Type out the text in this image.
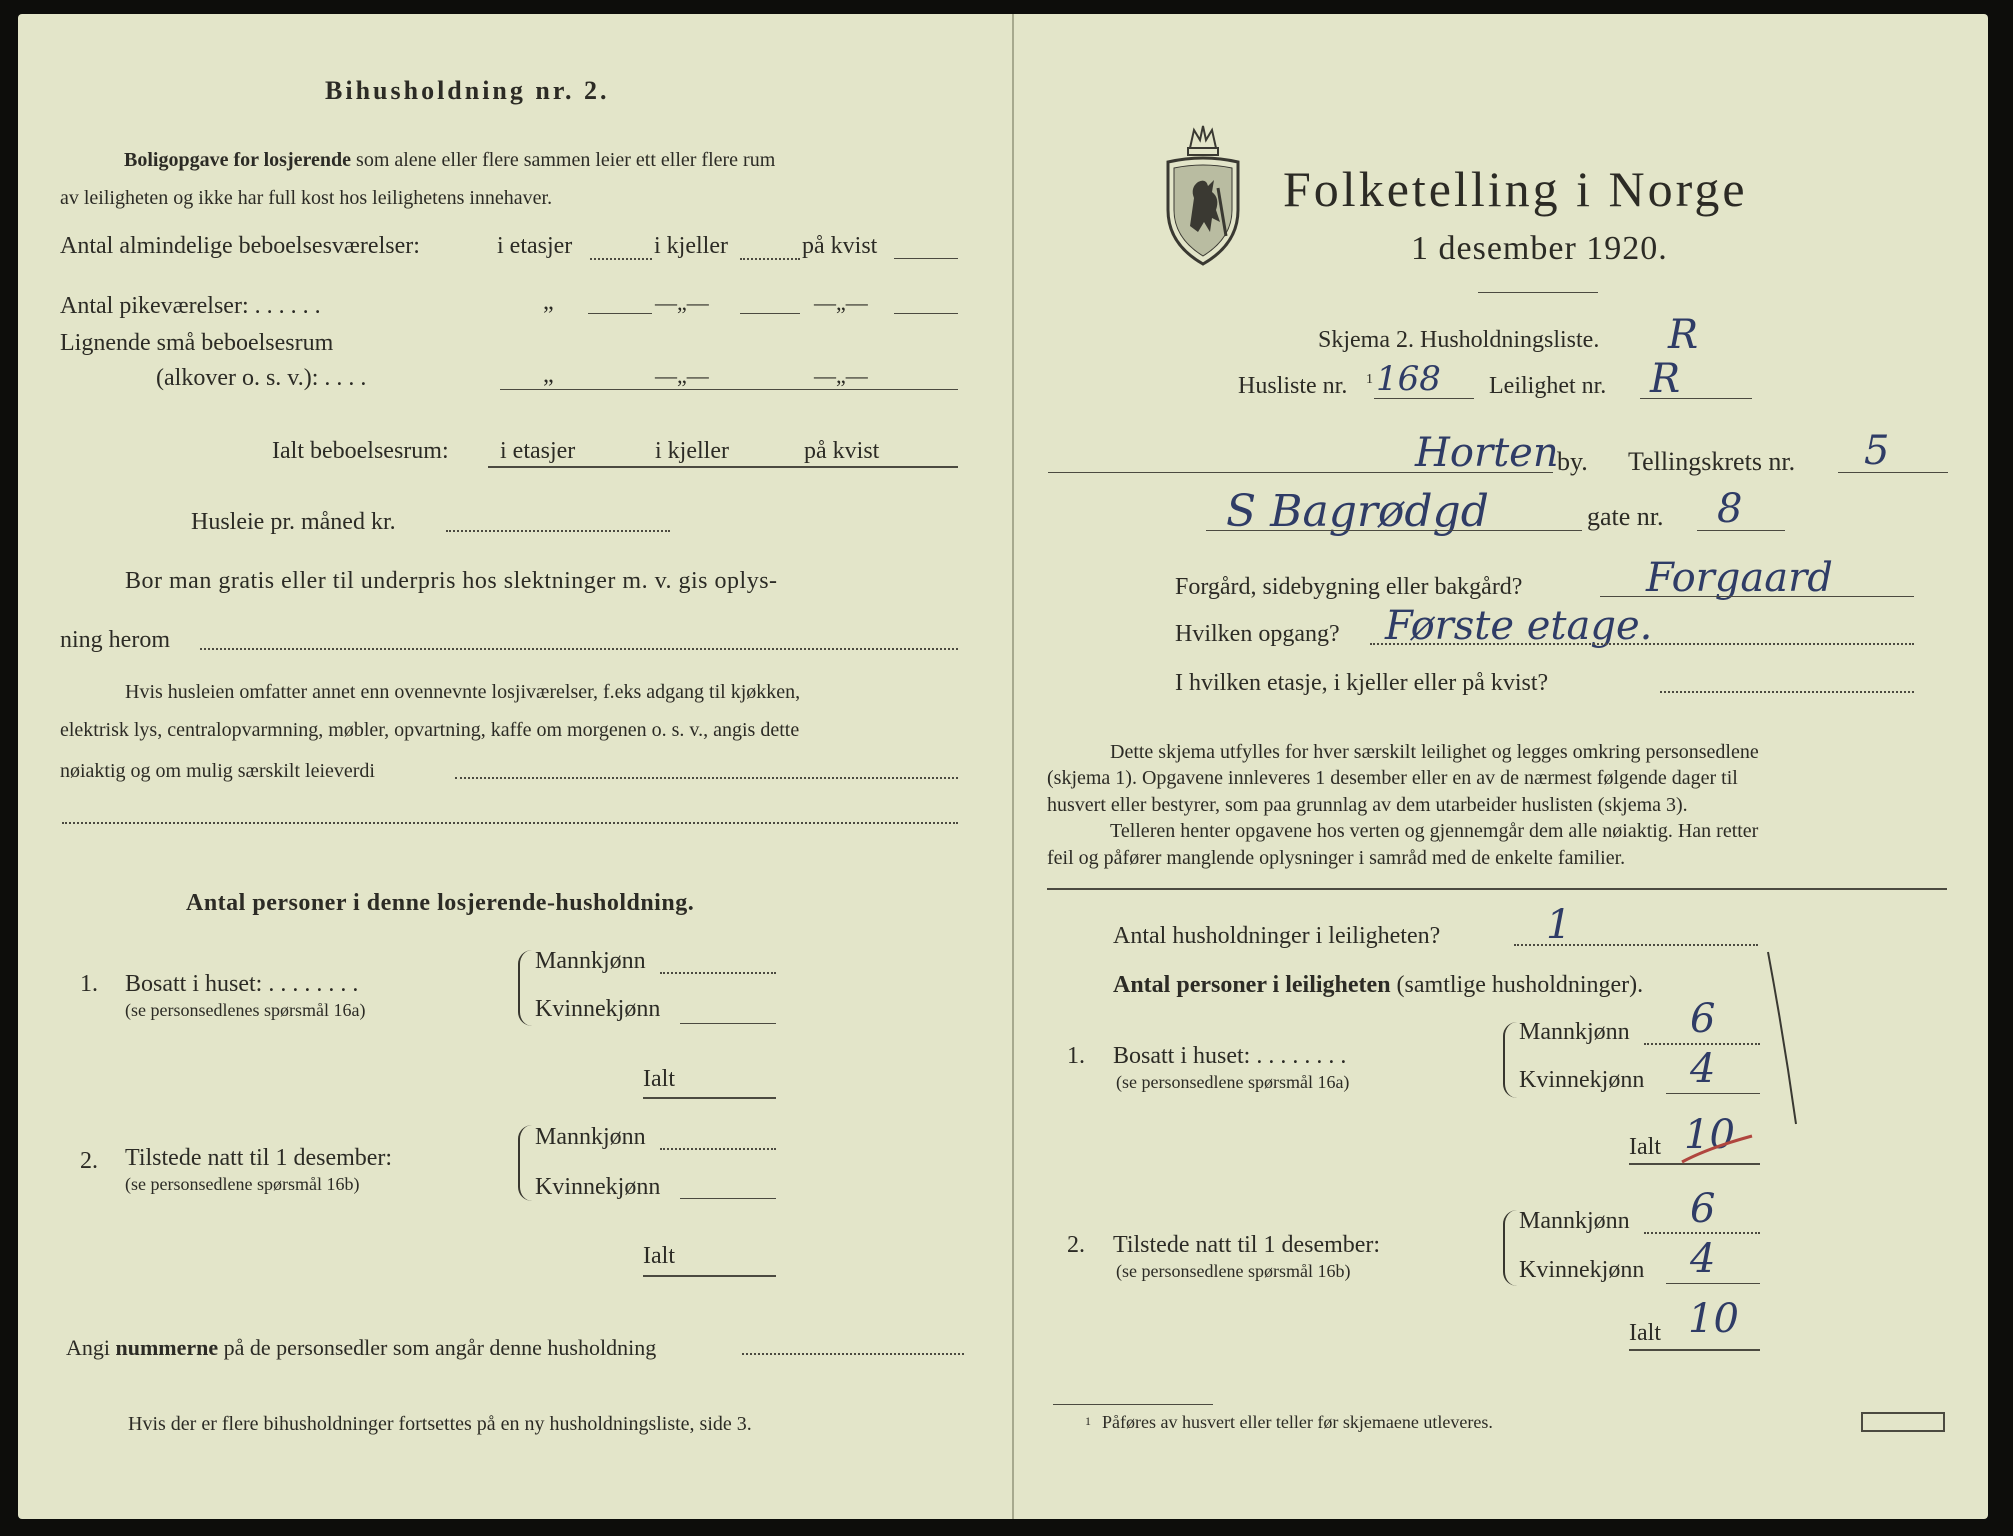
Bihusholdning nr. 2.
Boligopgave for losjerende som alene eller flere sammen leier ett eller flere rum
av leiligheten og ikke har full kost hos leilighetens innehaver.
Antal almindelige beboelsesværelser:	i etasjer	i kjeller	på kvist
Antal pikeværelser: . . . . . .	„	—„—	—„—
Lignende små beboelsesrum
(alkover o. s. v.): . . . .	„	—„—	—„—
Ialt beboelsesrum: i etasjer	i kjeller	på kvist
Husleie pr. måned kr.
Bor man gratis eller til underpris hos slektninger m. v. gis oplys-
ning herom
Hvis husleien omfatter annet enn ovennevnte losjiværelser, f.eks adgang til kjøkken,
elektrisk lys, centralopvarmning, møbler, opvartning, kaffe om morgenen o. s. v., angis dette
nøiaktig og om mulig særskilt leieverdi
Antal personer i denne losjerende-husholdning.
1. Bosatt i huset: . . . . . . . .
(se personsedlenes spørsmål 16a)
Mannkjønn
Kvinnekjønn
Ialt
2. Tilstede natt til 1 desember:
(se personsedlene spørsmål 16b)
Mannkjønn
Kvinnekjønn
Ialt
Angi nummerne på de personsedler som angår denne husholdning
Hvis der er flere bihusholdninger fortsettes på en ny husholdningsliste, side 3.
Folketelling i Norge
1 desember 1920.
Skjema 2. Husholdningsliste. R
Husliste nr. 1 168 Leilighet nr. R
Horten
by. Tellingskrets nr. 5
S Bagrødgd	gate nr. 8
Forgård, sidebygning eller bakgård?	Forgaard
Hvilken opgang? Første etage.
I hvilken etasje, i kjeller eller på kvist?
Dette skjema utfylles for hver særskilt leilighet og legges omkring personsedlene
(skjema 1). Opgavene innleveres 1 desember eller en av de nærmest følgende dager til
husvert eller bestyrer, som paa grunnlag av dem utarbeider huslisten (skjema 3).
Telleren henter opgavene hos verten og gjennemgår dem alle nøiaktig. Han retter
feil og påfører manglende oplysninger i samråd med de enkelte familier.
Antal husholdninger i leiligheten?	1
Antal personer i leiligheten (samtlige husholdninger).
1. Bosatt i huset: . . . . . . . .
(se personsedlene spørsmål 16a)
Mannkjønn 6
Kvinnekjønn 4
Ialt 10
2. Tilstede natt til 1 desember:
(se personsedlene spørsmål 16b)
Mannkjønn 6
Kvinnekjønn 4
Ialt 10
1 Påføres av husvert eller teller før skjemaene utleveres.
